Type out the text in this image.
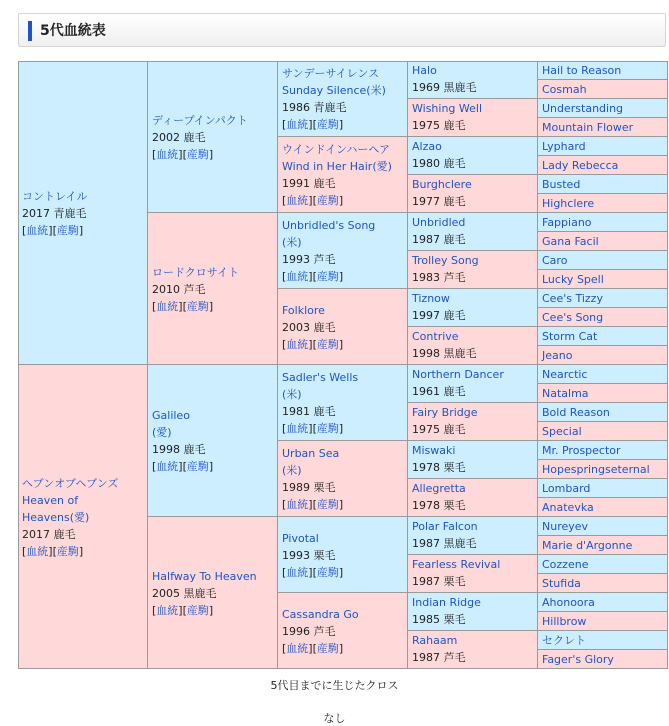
5代血統表
コントレイル
2017 青鹿毛
[血統][産駒]
ヘブンオブヘブンズ
Heaven of
Heavens(愛)
2017 鹿毛
[血統][産駒]
ディープインパクト
2002 鹿毛
[血統][産駒]
ロードクロサイト
2010 芦毛
[血統][産駒]
Galileo
(愛)
1998 鹿毛
[血統][産駒]
Halfway To Heaven
2005 黒鹿毛
[血統][産駒]
サンデーサイレンス
Sunday Silence(米)
1986 青鹿毛
[血統][産駒]
ウインドインハーヘア
Wind in Her Hair(愛)
1991 鹿毛
[血統][産駒]
Unbridled's Song
(米)
1993 芦毛
[血統][産駒]
Folklore
2003 鹿毛
[血統][産駒]
Sadler's Wells
(米)
1981 鹿毛
[血統][産駒]
Urban Sea
(米)
1989 栗毛
[血統][産駒]
Pivotal
1993 栗毛
[血統][産駒]
Cassandra Go
1996 芦毛
[血統][産駒]
Halo
1969 黒鹿毛
Wishing Well
1975 鹿毛
Alzao
1980 鹿毛
Burghclere
1977 鹿毛
Unbridled
1987 鹿毛
Trolley Song
1983 芦毛
Tiznow
1997 鹿毛
Contrive
1998 黒鹿毛
Northern Dancer
1961 鹿毛
Fairy Bridge
1975 鹿毛
Miswaki
1978 栗毛
Allegretta
1978 栗毛
Polar Falcon
1987 黒鹿毛
Fearless Revival
1987 栗毛
Indian Ridge
1985 栗毛
Rahaam
1987 芦毛
Hail to Reason
Cosmah
Understanding
Mountain Flower
Lyphard
Lady Rebecca
Busted
Highclere
Fappiano
Gana Facil
Caro
Lucky Spell
Cee's Tizzy
Cee's Song
Storm Cat
Jeano
Nearctic
Natalma
Bold Reason
Special
Mr. Prospector
Hopespringseternal
Lombard
Anatevka
Nureyev
Marie d'Argonne
Cozzene
Stufida
Ahonoora
Hillbrow
セクレト
Fager's Glory
5代目までに生じたクロス
なし
